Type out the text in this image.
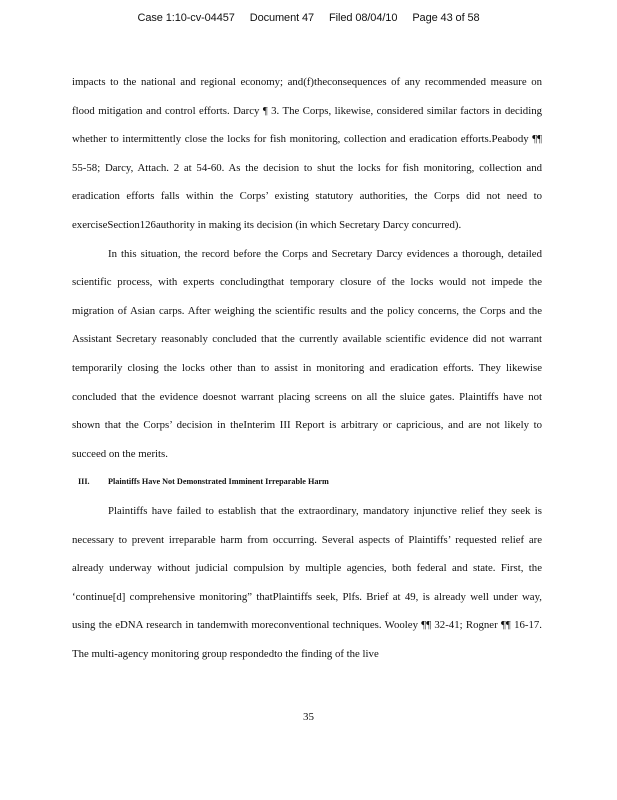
Case 1:10-cv-04457 Document 47 Filed 08/04/10 Page 43 of 58

impacts to the national and regional economy; and(f)theconsequences of any recommended measure on flood mitigation and control efforts. Darcy ¶ 3. The Corps, likewise, considered similar factors in deciding whether to intermittently close the locks for fish monitoring, collection and eradication efforts.Peabody ¶¶ 55-58; Darcy, Attach. 2 at 54-60. As the decision to shut the locks for fish monitoring, collection and eradication efforts falls within the Corps’ existing statutory authorities, the Corps did not need to exerciseSection126authority in making its decision (in which Secretary Darcy concurred).

In this situation, the record before the Corps and Secretary Darcy evidences a thorough, detailed scientific process, with experts concludingthat temporary closure of the locks would not impede the migration of Asian carps. After weighing the scientific results and the policy concerns, the Corps and the Assistant Secretary reasonably concluded that the currently available scientific evidence did not warrant temporarily closing the locks other than to assist in monitoring and eradication efforts. They likewise concluded that the evidence doesnot warrant placing screens on all the sluice gates. Plaintiffs have not shown that the Corps’ decision in theInterim III Report is arbitrary or capricious, and are not likely to succeed on the merits.

III. Plaintiffs Have Not Demonstrated Imminent Irreparable Harm

Plaintiffs have failed to establish that the extraordinary, mandatory injunctive relief they seek is necessary to prevent irreparable harm from occurring. Several aspects of Plaintiffs’ requested relief are already underway without judicial compulsion by multiple agencies, both federal and state. First, the ‘continue[d] comprehensive monitoring” thatPlaintiffs seek, Plfs. Brief at 49, is already well under way, using the eDNA research in tandemwith moreconventional techniques. Wooley ¶¶ 32-41; Rogner ¶¶ 16-17. The multi-agency monitoring group respondedto the finding of the live

35
